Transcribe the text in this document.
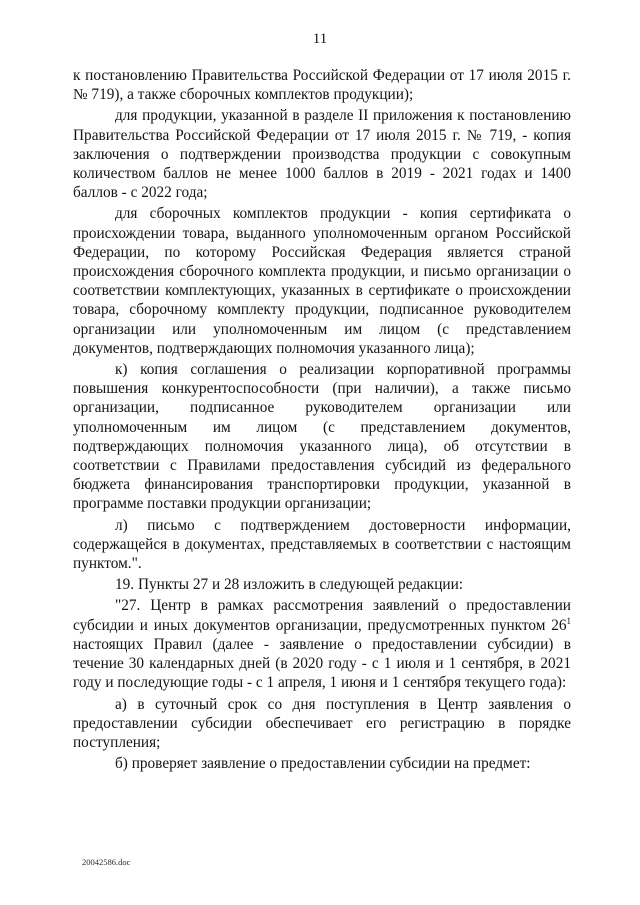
11

к постановлению Правительства Российской Федерации от 17 июля 2015 г. № 719), а также сборочных комплектов продукции);

для продукции, указанной в разделе II приложения к постановлению Правительства Российской Федерации от 17 июля 2015 г. № 719, - копия заключения о подтверждении производства продукции с совокупным количеством баллов не менее 1000 баллов в 2019 - 2021 годах и 1400 баллов - с 2022 года;

для сборочных комплектов продукции - копия сертификата о происхождении товара, выданного уполномоченным органом Российской Федерации, по которому Российская Федерация является страной происхождения сборочного комплекта продукции, и письмо организации о соответствии комплектующих, указанных в сертификате о происхождении товара, сборочному комплекту продукции, подписанное руководителем организации или уполномоченным им лицом (с представлением документов, подтверждающих полномочия указанного лица);

к) копия соглашения о реализации корпоративной программы повышения конкурентоспособности (при наличии), а также письмо организации, подписанное руководителем организации или уполномоченным им лицом (с представлением документов, подтверждающих полномочия указанного лица), об отсутствии в соответствии с Правилами предоставления субсидий из федерального бюджета финансирования транспортировки продукции, указанной в программе поставки продукции организации;

л) письмо с подтверждением достоверности информации, содержащейся в документах, представляемых в соответствии с настоящим пунктом.".

19. Пункты 27 и 28 изложить в следующей редакции:

"27. Центр в рамках рассмотрения заявлений о предоставлении субсидии и иных документов организации, предусмотренных пунктом $26^1$ настоящих Правил (далее - заявление о предоставлении субсидии) в течение 30 календарных дней (в 2020 году - с 1 июля и 1 сентября, в 2021 году и последующие годы - с 1 апреля, 1 июня и 1 сентября текущего года):

а) в суточный срок со дня поступления в Центр заявления о предоставлении субсидии обеспечивает его регистрацию в порядке поступления;

б) проверяет заявление о предоставлении субсидии на предмет:

20042586.doc
